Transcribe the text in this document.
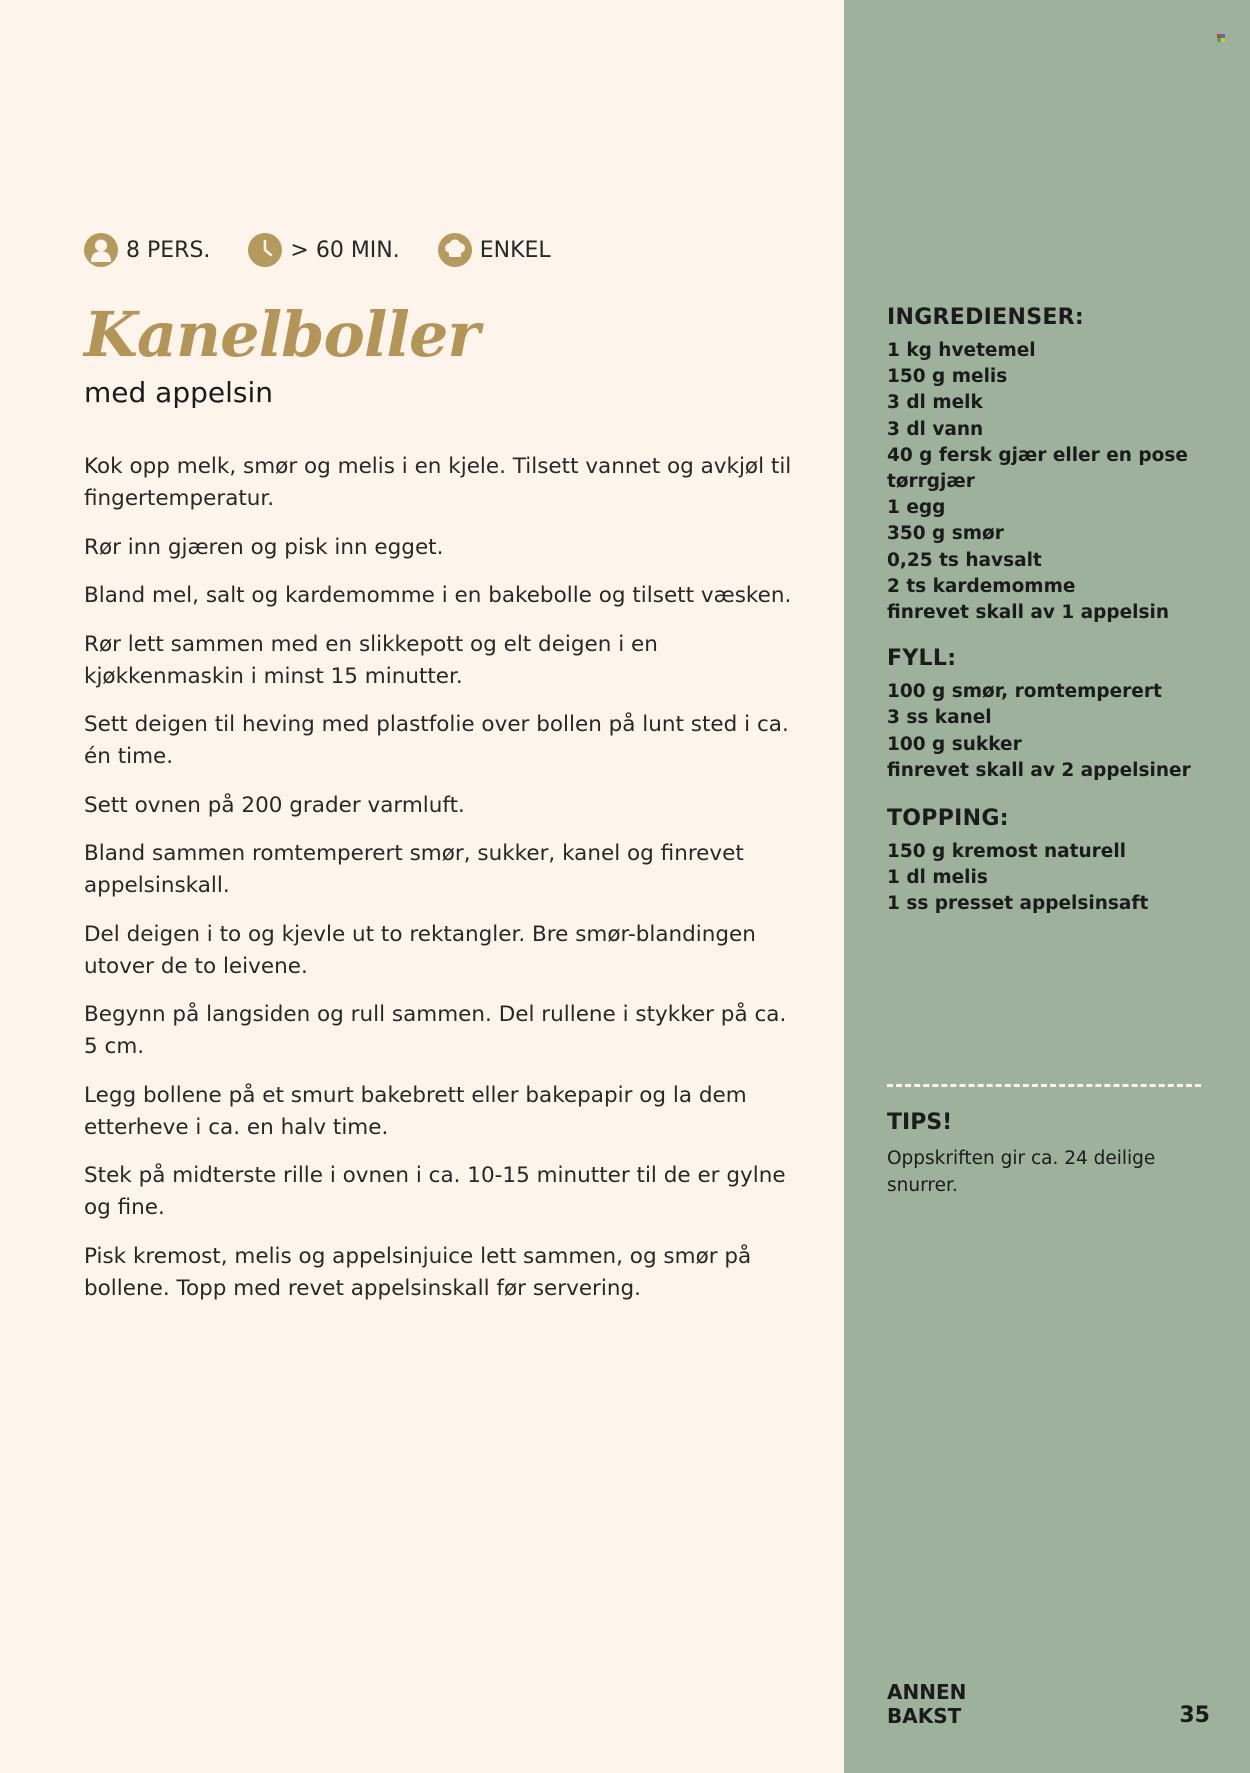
8 PERS.	> 60 MIN.	ENKEL
Kanelboller
med appelsin
Kok opp melk, smør og melis i en kjele. Tilsett vannet og avkjøl til fingertemperatur.
Rør inn gjæren og pisk inn egget.
Bland mel, salt og kardemomme i en bakebolle og tilsett væsken.
Rør lett sammen med en slikkepott og elt deigen i en kjøkkenmaskin i minst 15 minutter.
Sett deigen til heving med plastfolie over bollen på lunt sted i ca. én time.
Sett ovnen på 200 grader varmluft.
Bland sammen romtemperert smør, sukker, kanel og finrevet appelsinskall.
Del deigen i to og kjevle ut to rektangler. Bre smør-blandingen utover de to leivene.
Begynn på langsiden og rull sammen. Del rullene i stykker på ca. 5 cm.
Legg bollene på et smurt bakebrett eller bakepapir og la dem etterheve i ca. en halv time.
Stek på midterste rille i ovnen i ca. 10-15 minutter til de er gylne og fine.
Pisk kremost, melis og appelsinjuice lett sammen, og smør på bollene. Topp med revet appelsinskall før servering.
INGREDIENSER:
1 kg hvetemel
150 g melis
3 dl melk
3 dl vann
40 g fersk gjær eller en pose
tørrgjær
1 egg
350 g smør
0,25 ts havsalt
2 ts kardemomme
finrevet skall av 1 appelsin
FYLL:
100 g smør, romtemperert
3 ss kanel
100 g sukker
finrevet skall av 2 appelsiner
TOPPING:
150 g kremost naturell
1 dl melis
1 ss presset appelsinsaft
TIPS!

Oppskriften gir ca. 24 deilige snurrer.

ANNEN
BAKST	35
